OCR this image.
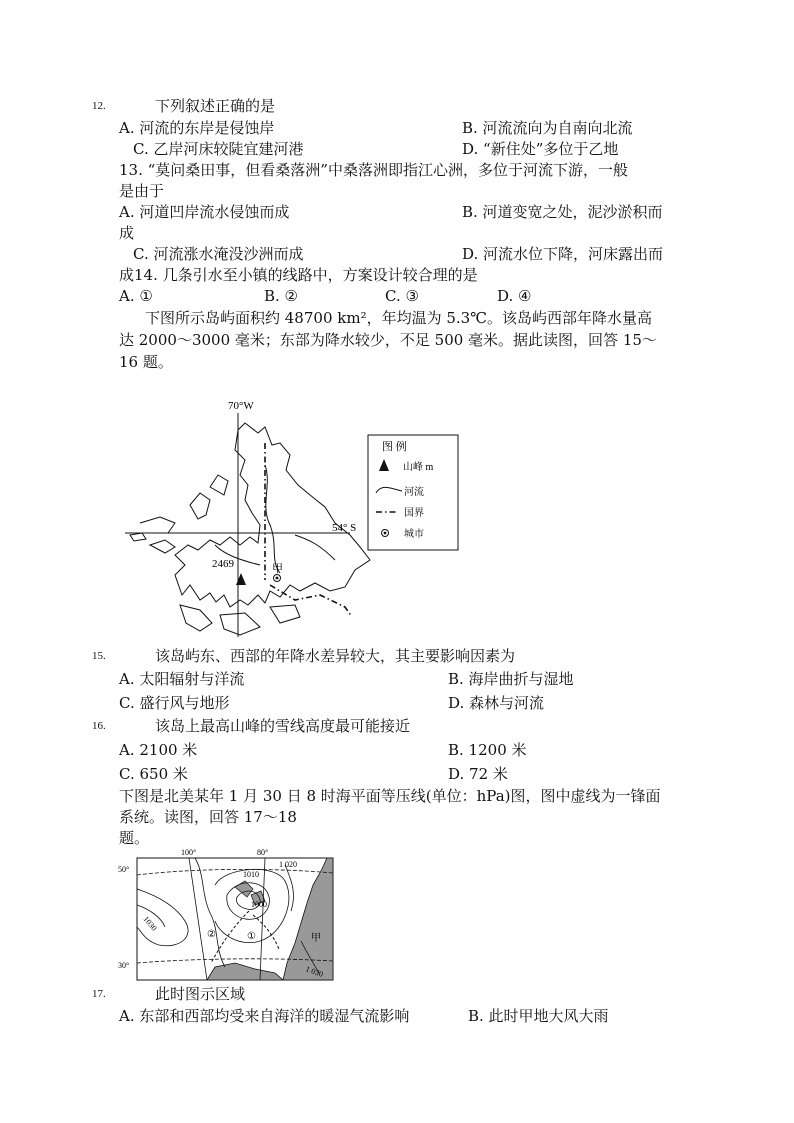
12.	下列叙述正确的是
A. 河流的东岸是侵蚀岸	B. 河流流向为自南向北流
C. 乙岸河床较陡宜建河港	D. “新住处”多位于乙地
13. “莫问桑田事，但看桑落洲”中桑落洲即指江心洲，多位于河流下游，一般
是由于
A. 河道凹岸流水侵蚀而成	B. 河道变宽之处，泥沙淤积而
成
C. 河流涨水淹没沙洲而成	D. 河流水位下降，河床露出而
成14. 几条引水至小镇的线路中，方案设计较合理的是
A. ①	B. ②	C. ③	D. ④
下图所示岛屿面积约 48700 km²，年均温为 5.3℃。该岛屿西部年降水量高
达 2000～3000 毫米；东部为降水较少，不足 500 毫米。据此读图，回答 15～
16 题。
2469	甲
70°W
54° S
图 例
山峰 m
河流
国界
城市
15.	该岛屿东、西部的年降水差异较大，其主要影响因素为
A. 太阳辐射与洋流	B. 海岸曲折与湿地
C. 盛行风与地形	D. 森林与河流
16.	该岛上最高山峰的雪线高度最可能接近
A. 2100 米	B. 1200 米
C. 650 米	D. 72 米
下图是北美某年 1 月 30 日 8 时海平面等压线(单位：hPa)图，图中虚线为一锋面
系统。读图，回答 17～18
题。
50°
30°
100°	80°
1000
1010
1 020
1030
1 030
②	①	甲
17.	此时图示区域
A. 东部和西部均受来自海洋的暖湿气流影响	B. 此时甲地大风大雨
